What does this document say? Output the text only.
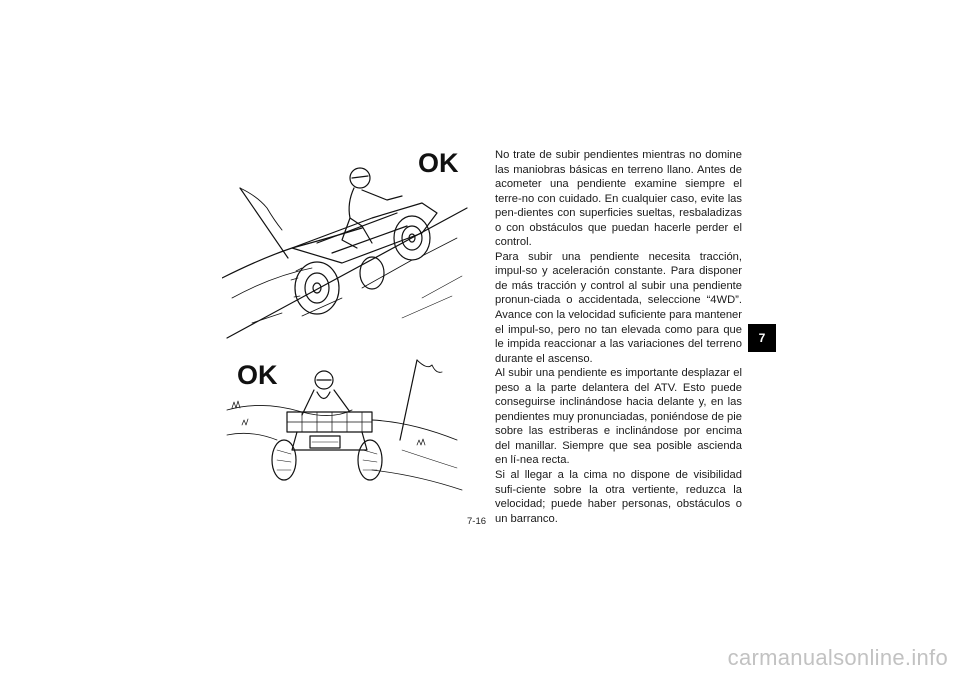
OK
OK

No trate de subir pendientes mientras no domine las maniobras básicas en terreno llano. Antes de acometer una pendiente examine siempre el terre-no con cuidado. En cualquier caso, evite las pen-dientes con superficies sueltas, resbaladizas o con obstáculos que puedan hacerle perder el control.

Para subir una pendiente necesita tracción, impul-so y aceleración constante. Para disponer de más tracción y control al subir una pendiente pronun-ciada o accidentada, seleccione “4WD”. Avance con la velocidad suficiente para mantener el impul-so, pero no tan elevada como para que le impida reaccionar a las variaciones del terreno durante el ascenso.

Al subir una pendiente es importante desplazar el peso a la parte delantera del ATV. Esto puede conseguirse inclinándose hacia delante y, en las pendientes muy pronunciadas, poniéndose de pie sobre las estriberas e inclinándose por encima del manillar. Siempre que sea posible ascienda en lí-nea recta.

Si al llegar a la cima no dispone de visibilidad sufi-ciente sobre la otra vertiente, reduzca la velocidad; puede haber personas, obstáculos o un barranco.

7-16
7
carmanualsonline.info
